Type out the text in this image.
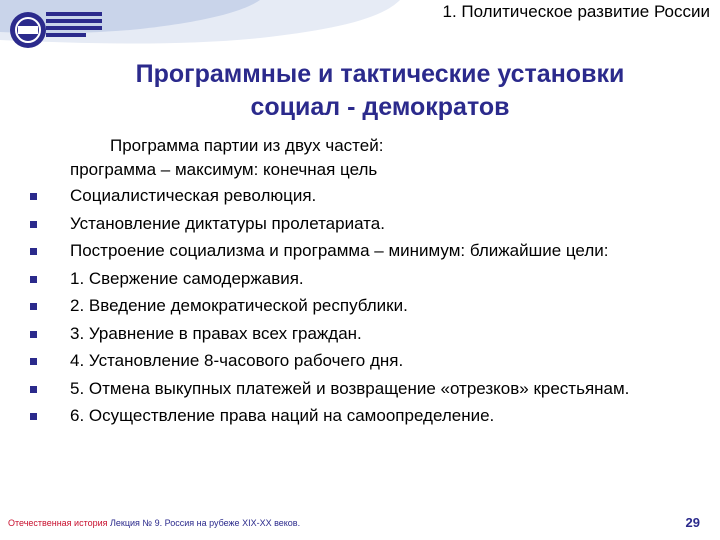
1. Политическое развитие России
Программные и тактические установки
социал - демократов
Программа партии из двух частей:
программа – максимум: конечная цель
Социалистическая революция.
Установление диктатуры пролетариата.
Построение социализма и программа – минимум: ближайшие цели:
1. Свержение самодержавия.
2. Введение демократической республики.
3. Уравнение в правах всех граждан.
4. Установление 8-часового рабочего дня.
5. Отмена выкупных платежей и возвращение «отрезков» крестьянам.
6. Осуществление права наций на самоопределение.
Отечественная история Лекция № 9. Россия на рубеже XIX-XX веков.	29
